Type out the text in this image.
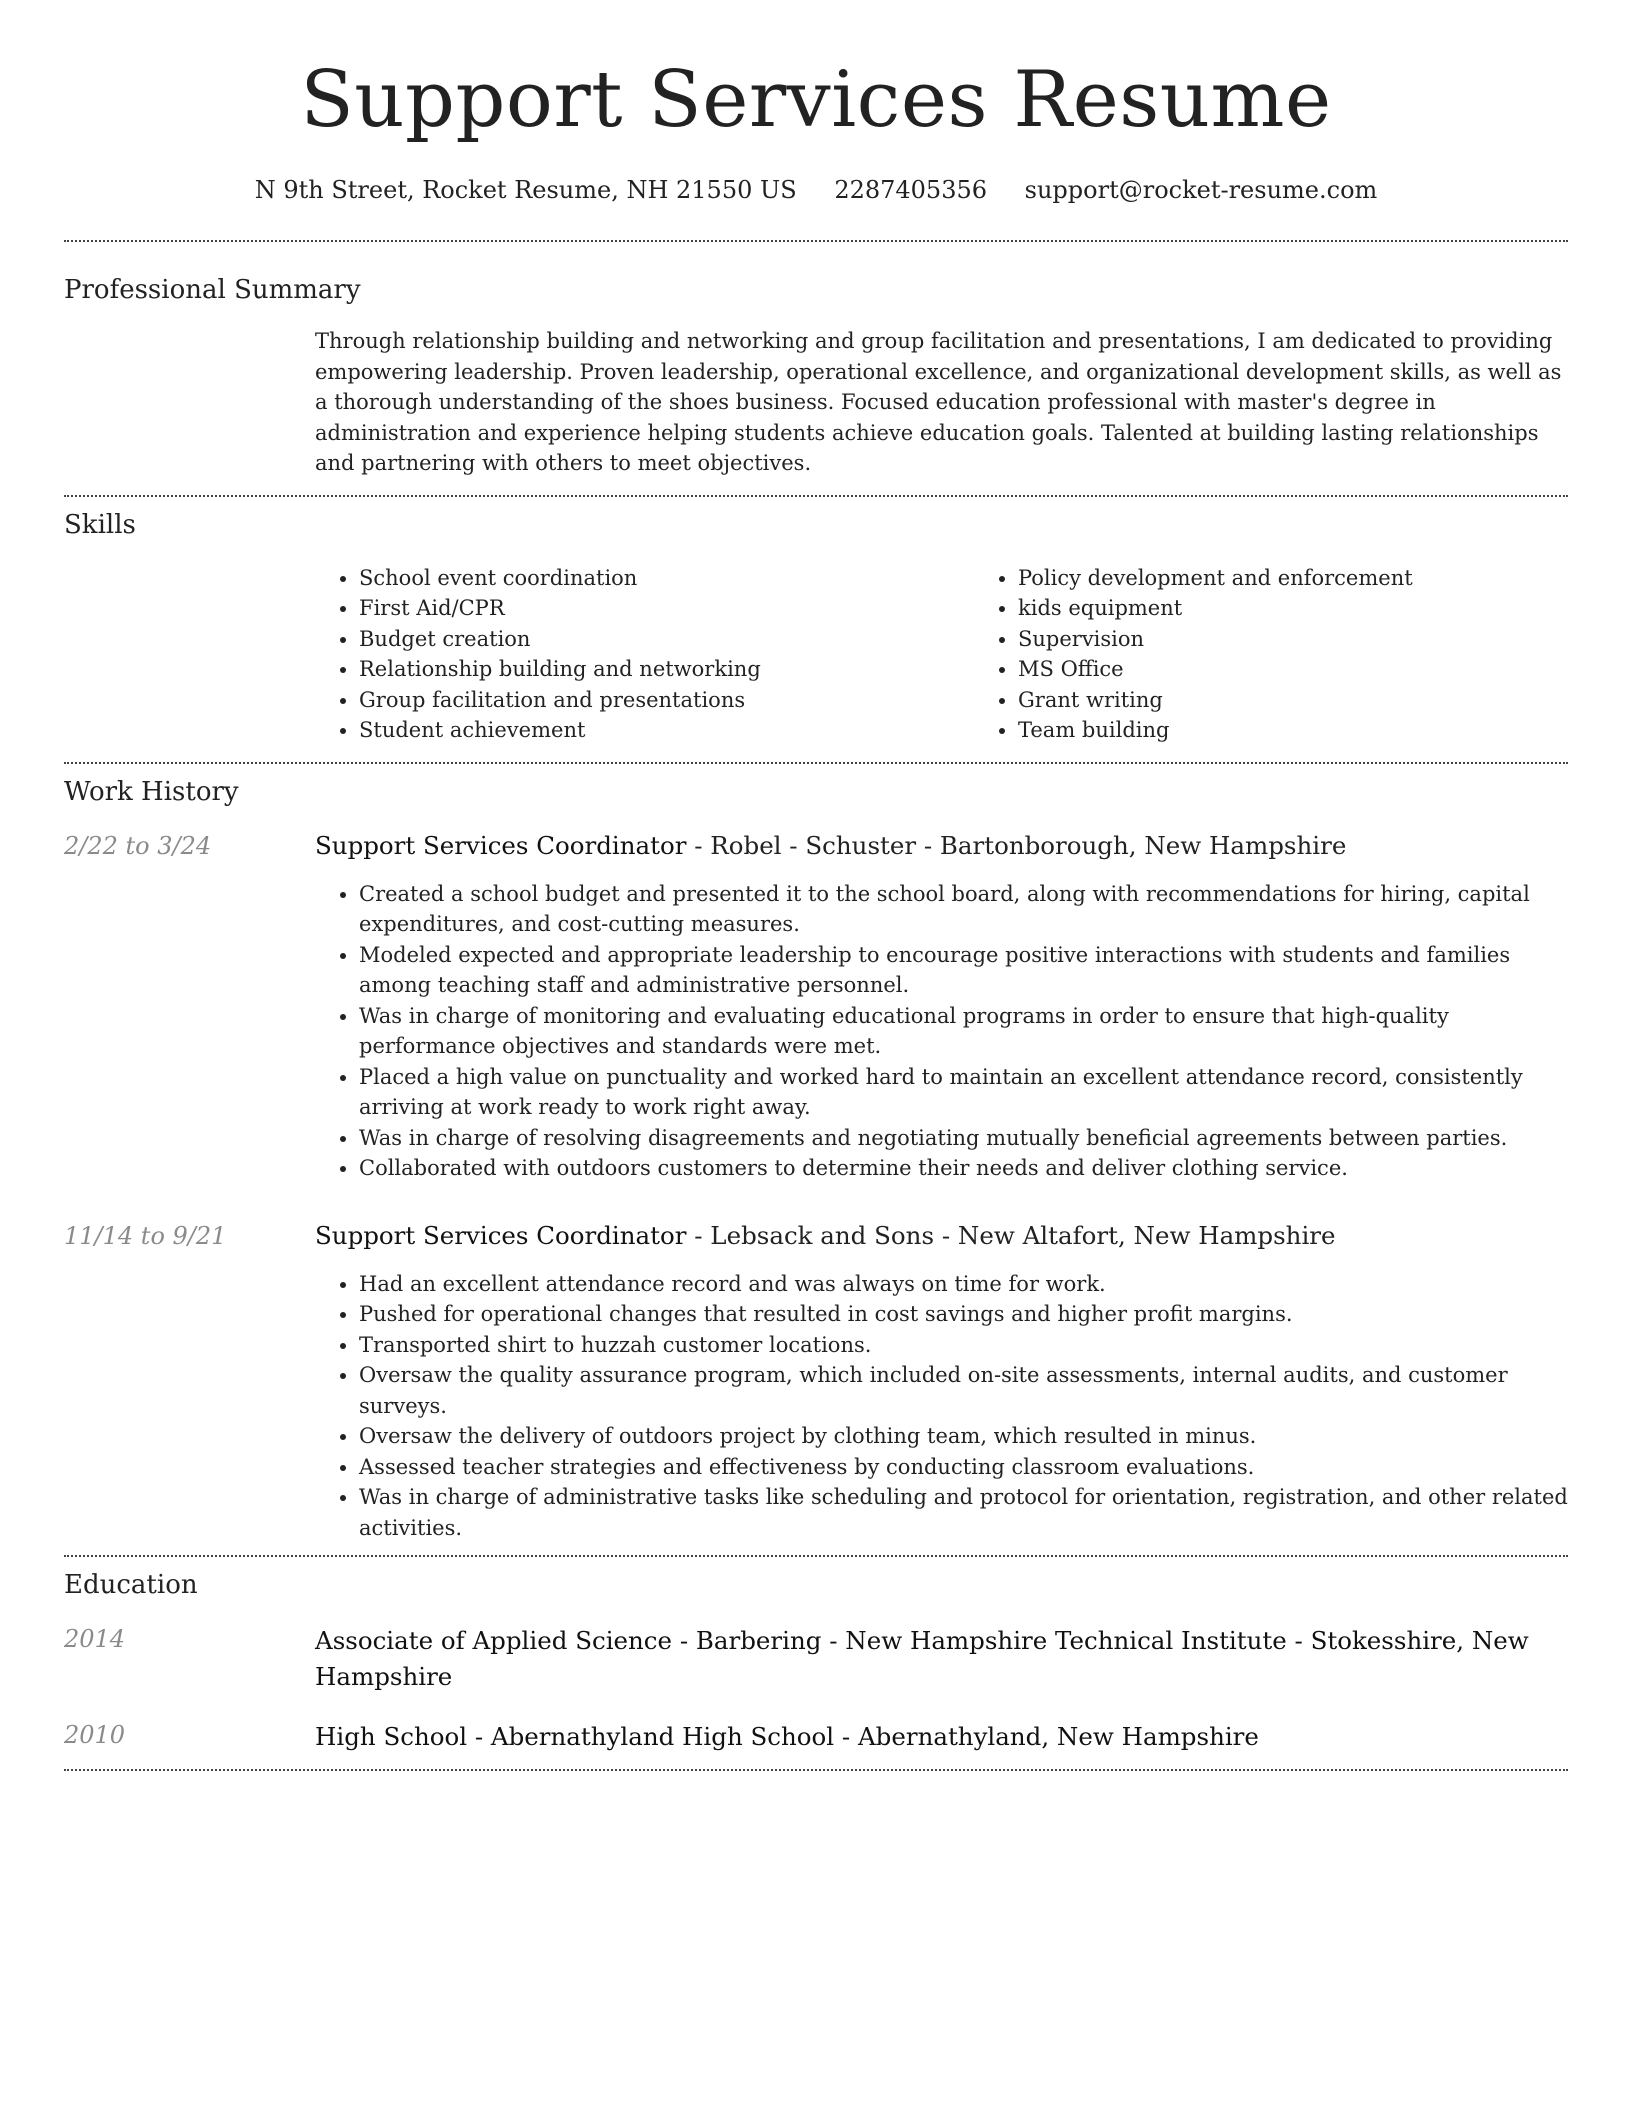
Support Services Resume
N 9th Street, Rocket Resume, NH 21550 US 2287405356 support@rocket-resume.com
Professional Summary

Through relationship building and networking and group facilitation and presentations, I am dedicated to providing empowering leadership. Proven leadership, operational excellence, and organizational development skills, as well as a thorough understanding of the shoes business. Focused education professional with master's degree in administration and experience helping students achieve education goals. Talented at building lasting relationships and partnering with others to meet objectives.

Skills
• School event coordination
• First Aid/CPR
• Budget creation
• Relationship building and networking
• Group facilitation and presentations
• Student achievement
• Policy development and enforcement
• kids equipment
• Supervision
• MS Office
• Grant writing
• Team building
Work History
2/22 to 3/24	Support Services Coordinator - Robel - Schuster - Bartonborough, New Hampshire
• Created a school budget and presented it to the school board, along with recommendations for hiring, capital expenditures, and cost-cutting measures.
• Modeled expected and appropriate leadership to encourage positive interactions with students and families among teaching staff and administrative personnel.
• Was in charge of monitoring and evaluating educational programs in order to ensure that high-quality performance objectives and standards were met.
• Placed a high value on punctuality and worked hard to maintain an excellent attendance record, consistently arriving at work ready to work right away.
• Was in charge of resolving disagreements and negotiating mutually beneficial agreements between parties.
• Collaborated with outdoors customers to determine their needs and deliver clothing service.
11/14 to 9/21	Support Services Coordinator - Lebsack and Sons - New Altafort, New Hampshire
• Had an excellent attendance record and was always on time for work.
• Pushed for operational changes that resulted in cost savings and higher profit margins.
• Transported shirt to huzzah customer locations.
• Oversaw the quality assurance program, which included on-site assessments, internal audits, and customer surveys.
• Oversaw the delivery of outdoors project by clothing team, which resulted in minus.
• Assessed teacher strategies and effectiveness by conducting classroom evaluations.
• Was in charge of administrative tasks like scheduling and protocol for orientation, registration, and other related activities.
Education
2014	Associate of Applied Science - Barbering - New Hampshire Technical Institute - Stokesshire, New Hampshire
2010	High School - Abernathyland High School - Abernathyland, New Hampshire
